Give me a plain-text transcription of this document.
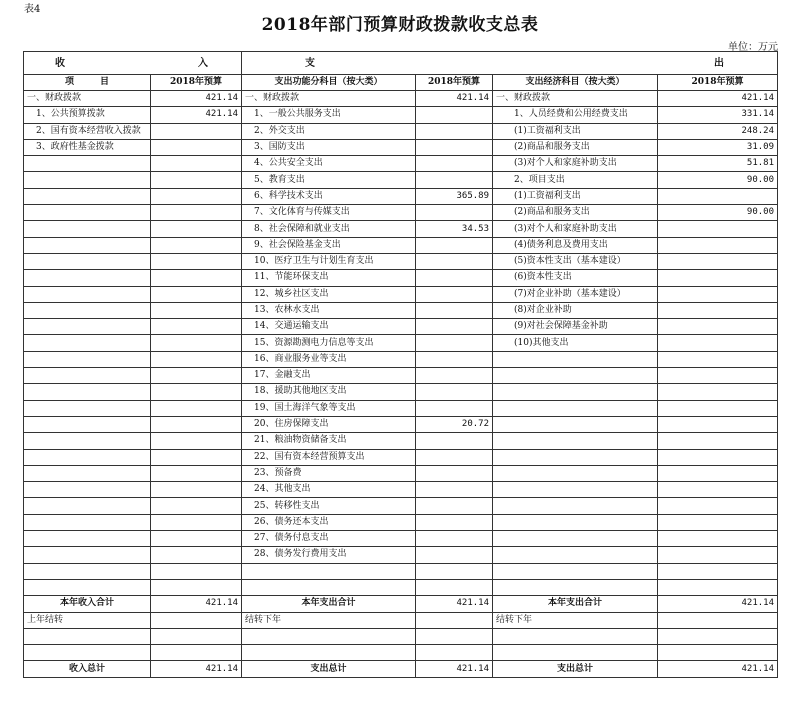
表4
2018年部门预算财政拨款收支总表
单位：万元
收 入		支 出			

项 目	2018年预算	支出功能分科目（按大类）	2018年预算	支出经济科目（按大类）	2018年预算
一、财政拨款	421.14	一、财政拨款	421.14	一、财政拨款	421.14
　1、公共预算拨款	421.14	　1、一般公共服务支出		　　1、人员经费和公用经费支出	331.14
　2、国有资本经营收入拨款		　2、外交支出		　　(1)工资福利支出	248.24
　3、政府性基金拨款		　3、国防支出		　　(2)商品和服务支出	31.09
		　4、公共安全支出		　　(3)对个人和家庭补助支出	51.81
		　5、教育支出		　　2、项目支出	90.00
		　6、科学技术支出	365.89	　　(1)工资福利支出	
		　7、文化体育与传媒支出		　　(2)商品和服务支出	90.00
		　8、社会保障和就业支出	34.53	　　(3)对个人和家庭补助支出	
		　9、社会保险基金支出		　　(4)债务利息及费用支出	
		　10、医疗卫生与计划生育支出		　　(5)资本性支出（基本建设）	
		　11、节能环保支出		　　(6)资本性支出	
		　12、城乡社区支出		　　(7)对企业补助（基本建设）	
		　13、农林水支出		　　(8)对企业补助	
		　14、交通运输支出		　　(9)对社会保障基金补助	
		　15、资源勘测电力信息等支出		　　(10)其他支出	
		　16、商业服务业等支出			
		　17、金融支出			
		　18、援助其他地区支出			
		　19、国土海洋气象等支出			
		　20、住房保障支出	20.72		
		　21、粮油物资储备支出			
		　22、国有资本经营预算支出			
		　23、预备费			
		　24、其他支出			
		　25、转移性支出			
		　26、债务还本支出			
		　27、债务付息支出			
		　28、债务发行费用支出			

本年收入合计	421.14	本年支出合计	421.14	本年支出合计	421.14
上年结转		结转下年		结转下年	

收入总计	421.14	支出总计	421.14	支出总计	421.14
